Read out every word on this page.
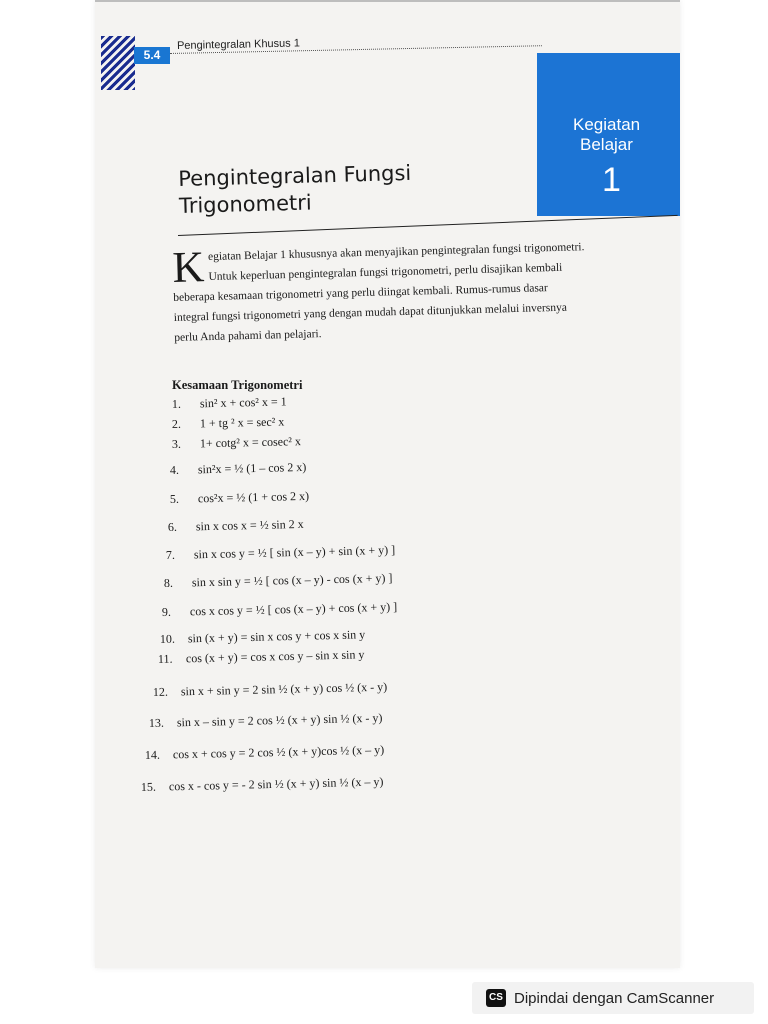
5.4
Pengintegralan Khusus 1
Kegiatan
Belajar
1
Pengintegralan Fungsi
Trigonometri
K egiatan Belajar 1 khususnya akan menyajikan pengintegralan fungsi trigonometri.
Untuk keperluan pengintegralan fungsi trigonometri, perlu disajikan kembali
beberapa kesamaan trigonometri yang perlu diingat kembali. Rumus-rumus dasar
integral fungsi trigonometri yang dengan mudah dapat ditunjukkan melalui inversnya
perlu Anda pahami dan pelajari.
Kesamaan Trigonometri
1. sin² x + cos² x = 1
2. 1 + tg ² x = sec² x
3. 1+ cotg² x = cosec² x
4. sin²x = ½ (1 – cos 2 x)
5. cos²x = ½ (1 + cos 2 x)
6. sin x cos x = ½ sin 2 x
7. sin x cos y = ½ [ sin (x – y) + sin (x + y) ]
8. sin x sin y = ½ [ cos (x – y) - cos (x + y) ]
9. cos x cos y = ½ [ cos (x – y) + cos (x + y) ]
10. sin (x + y) = sin x cos y + cos x sin y
11. cos (x + y) = cos x cos y – sin x sin y
12. sin x + sin y = 2 sin ½ (x + y) cos ½ (x - y)
13. sin x – sin y = 2 cos ½ (x + y) sin ½ (x - y)
14. cos x + cos y = 2 cos ½ (x + y)cos ½ (x – y)
15. cos x - cos y = - 2 sin ½ (x + y) sin ½ (x – y)
CS Dipindai dengan CamScanner
